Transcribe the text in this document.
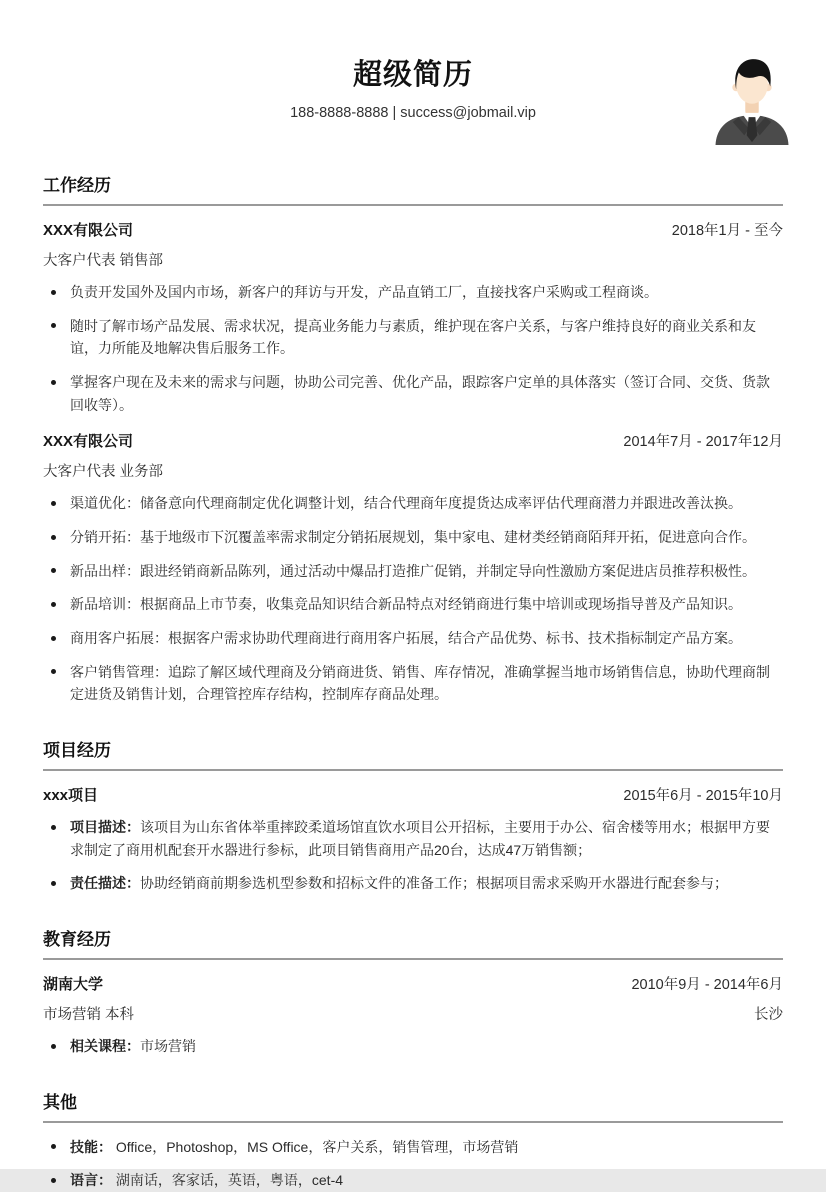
超级简历
188-8888-8888 | success@jobmail.vip
工作经历
XXX有限公司	2018年1月 - 至今
大客户代表 销售部
负责开发国外及国内市场，新客户的拜访与开发，产品直销工厂，直接找客户采购或工程商谈。
随时了解市场产品发展、需求状况，提高业务能力与素质，维护现在客户关系，与客户维持良好的商业关系和友谊，力所能及地解决售后服务工作。
掌握客户现在及未来的需求与问题，协助公司完善、优化产品，跟踪客户定单的具体落实（签订合同、交货、货款回收等）。
XXX有限公司	2014年7月 - 2017年12月
大客户代表 业务部
渠道优化：储备意向代理商制定优化调整计划，结合代理商年度提货达成率评估代理商潜力并跟进改善汰换。
分销开拓：基于地级市下沉覆盖率需求制定分销拓展规划，集中家电、建材类经销商陌拜开拓，促进意向合作。
新品出样：跟进经销商新品陈列，通过活动中爆品打造推广促销，并制定导向性激励方案促进店员推荐积极性。
新品培训：根据商品上市节奏，收集竞品知识结合新品特点对经销商进行集中培训或现场指导普及产品知识。
商用客户拓展：根据客户需求协助代理商进行商用客户拓展，结合产品优势、标书、技术指标制定产品方案。
客户销售管理：追踪了解区域代理商及分销商进货、销售、库存情况，准确掌握当地市场销售信息，协助代理商制定进货及销售计划，合理管控库存结构，控制库存商品处理。
项目经历
xxx项目	2015年6月 - 2015年10月
项目描述：该项目为山东省体举重摔跤柔道场馆直饮水项目公开招标，主要用于办公、宿舍楼等用水；根据甲方要求制定了商用机配套开水器进行参标，此项目销售商用产品20台，达成47万销售额；
责任描述：协助经销商前期参选机型参数和招标文件的准备工作；根据项目需求采购开水器进行配套参与；
教育经历
湖南大学	2010年9月 - 2014年6月
市场营销 本科	长沙
相关课程：市场营销
其他
技能： Office，Photoshop，MS Office，客户关系，销售管理，市场营销
语言： 湖南话，客家话，英语，粤语，cet-4
